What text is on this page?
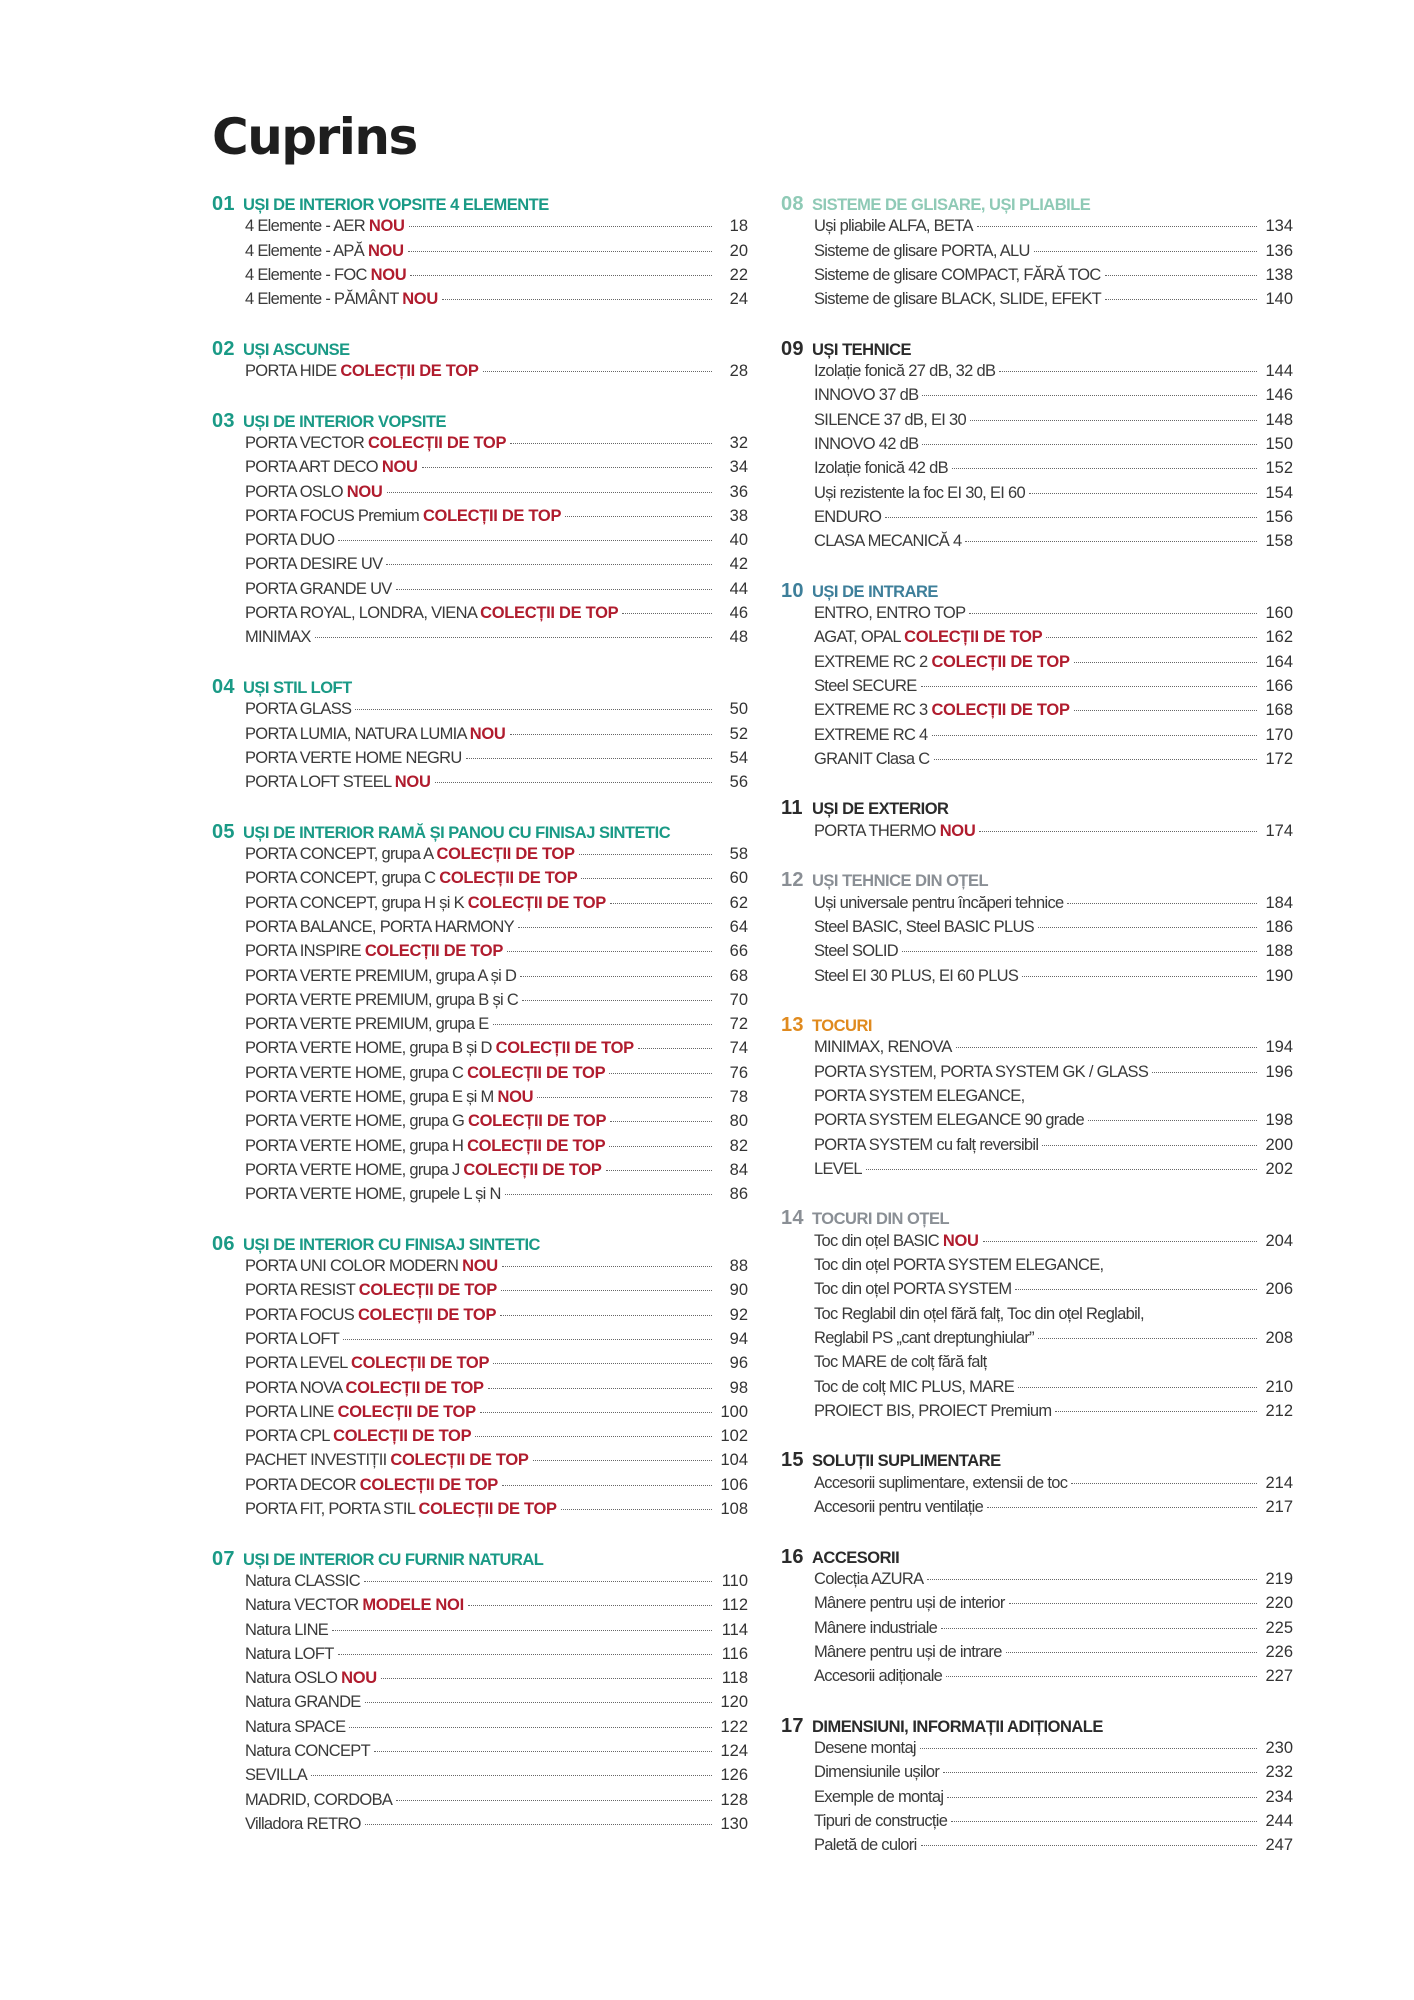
Cuprins
01 UȘI DE INTERIOR VOPSITE 4 ELEMENTE
4 Elemente - AER NOU	18
4 Elemente - APĂ NOU	20
4 Elemente - FOC NOU	22
4 Elemente - PĂMÂNT NOU	24
02 UȘI ASCUNSE
PORTA HIDE COLECȚII DE TOP	28
03 UȘI DE INTERIOR VOPSITE
PORTA VECTOR COLECȚII DE TOP	32
PORTA ART DECO NOU	34
PORTA OSLO NOU	36
PORTA FOCUS Premium COLECȚII DE TOP	38
PORTA DUO	40
PORTA DESIRE UV	42
PORTA GRANDE UV	44
PORTA ROYAL, LONDRA, VIENA COLECȚII DE TOP	46
MINIMAX	48
04 UȘI STIL LOFT
PORTA GLASS	50
PORTA LUMIA, NATURA LUMIA NOU	52
PORTA VERTE HOME NEGRU	54
PORTA LOFT STEEL NOU	56
05 UȘI DE INTERIOR RAMĂ ȘI PANOU CU FINISAJ SINTETIC
PORTA CONCEPT, grupa A COLECȚII DE TOP	58
PORTA CONCEPT, grupa C COLECȚII DE TOP	60
PORTA CONCEPT, grupa H și K COLECȚII DE TOP	62
PORTA BALANCE, PORTA HARMONY	64
PORTA INSPIRE COLECȚII DE TOP	66
PORTA VERTE PREMIUM, grupa A și D	68
PORTA VERTE PREMIUM, grupa B și C	70
PORTA VERTE PREMIUM, grupa E	72
PORTA VERTE HOME, grupa B și D COLECȚII DE TOP	74
PORTA VERTE HOME, grupa C COLECȚII DE TOP	76
PORTA VERTE HOME, grupa E și M NOU	78
PORTA VERTE HOME, grupa G COLECȚII DE TOP	80
PORTA VERTE HOME, grupa H COLECȚII DE TOP	82
PORTA VERTE HOME, grupa J COLECȚII DE TOP	84
PORTA VERTE HOME, grupele L și N	86
06 UȘI DE INTERIOR CU FINISAJ SINTETIC
PORTA UNI COLOR MODERN NOU	88
PORTA RESIST COLECȚII DE TOP	90
PORTA FOCUS COLECȚII DE TOP	92
PORTA LOFT	94
PORTA LEVEL COLECȚII DE TOP	96
PORTA NOVA COLECȚII DE TOP	98
PORTA LINE COLECȚII DE TOP	100
PORTA CPL COLECȚII DE TOP	102
PACHET INVESTIȚII COLECȚII DE TOP	104
PORTA DECOR COLECȚII DE TOP	106
PORTA FIT, PORTA STIL COLECȚII DE TOP	108
07 UȘI DE INTERIOR CU FURNIR NATURAL
Natura CLASSIC	110
Natura VECTOR MODELE NOI	112
Natura LINE	114
Natura LOFT	116
Natura OSLO NOU	118
Natura GRANDE	120
Natura SPACE	122
Natura CONCEPT	124
SEVILLA	126
MADRID, CORDOBA	128
Villadora RETRO	130
08 SISTEME DE GLISARE, UȘI PLIABILE
Uși pliabile ALFA, BETA	134
Sisteme de glisare PORTA, ALU	136
Sisteme de glisare COMPACT, FĂRĂ TOC	138
Sisteme de glisare BLACK, SLIDE, EFEKT	140
09 UȘI TEHNICE
Izolație fonică 27 dB, 32 dB	144
INNOVO 37 dB	146
SILENCE 37 dB, EI 30	148
INNOVO 42 dB	150
Izolație fonică 42 dB	152
Uși rezistente la foc EI 30, EI 60	154
ENDURO	156
CLASA MECANICĂ 4	158
10 UȘI DE INTRARE
ENTRO, ENTRO TOP	160
AGAT, OPAL COLECȚII DE TOP	162
EXTREME RC 2 COLECȚII DE TOP	164
Steel SECURE	166
EXTREME RC 3 COLECȚII DE TOP	168
EXTREME RC 4	170
GRANIT Clasa C	172
11 UȘI DE EXTERIOR
PORTA THERMO NOU	174
12 UȘI TEHNICE DIN OȚEL
Uși universale pentru încăperi tehnice	184
Steel BASIC, Steel BASIC PLUS	186
Steel SOLID	188
Steel EI 30 PLUS, EI 60 PLUS	190
13 TOCURI
MINIMAX, RENOVA	194
PORTA SYSTEM, PORTA SYSTEM GK / GLASS	196
PORTA SYSTEM ELEGANCE,
PORTA SYSTEM ELEGANCE 90 grade	198
PORTA SYSTEM cu falț reversibil	200
LEVEL	202
14 TOCURI DIN OȚEL
Toc din oțel BASIC NOU	204
Toc din oțel PORTA SYSTEM ELEGANCE,
Toc din oțel PORTA SYSTEM	206
Toc Reglabil din oțel fără falț, Toc din oțel Reglabil,
Reglabil PS „cant dreptunghiular”	208
Toc MARE de colț fără falț
Toc de colț MIC PLUS, MARE	210
PROIECT BIS, PROIECT Premium	212
15 SOLUȚII SUPLIMENTARE
Accesorii suplimentare, extensii de toc	214
Accesorii pentru ventilație	217
16 ACCESORII
Colecția AZURA	219
Mânere pentru uși de interior	220
Mânere industriale	225
Mânere pentru uși de intrare	226
Accesorii adiționale	227
17 DIMENSIUNI, INFORMAȚII ADIȚIONALE
Desene montaj	230
Dimensiunile ușilor	232
Exemple de montaj	234
Tipuri de construcție	244
Paletă de culori	247
